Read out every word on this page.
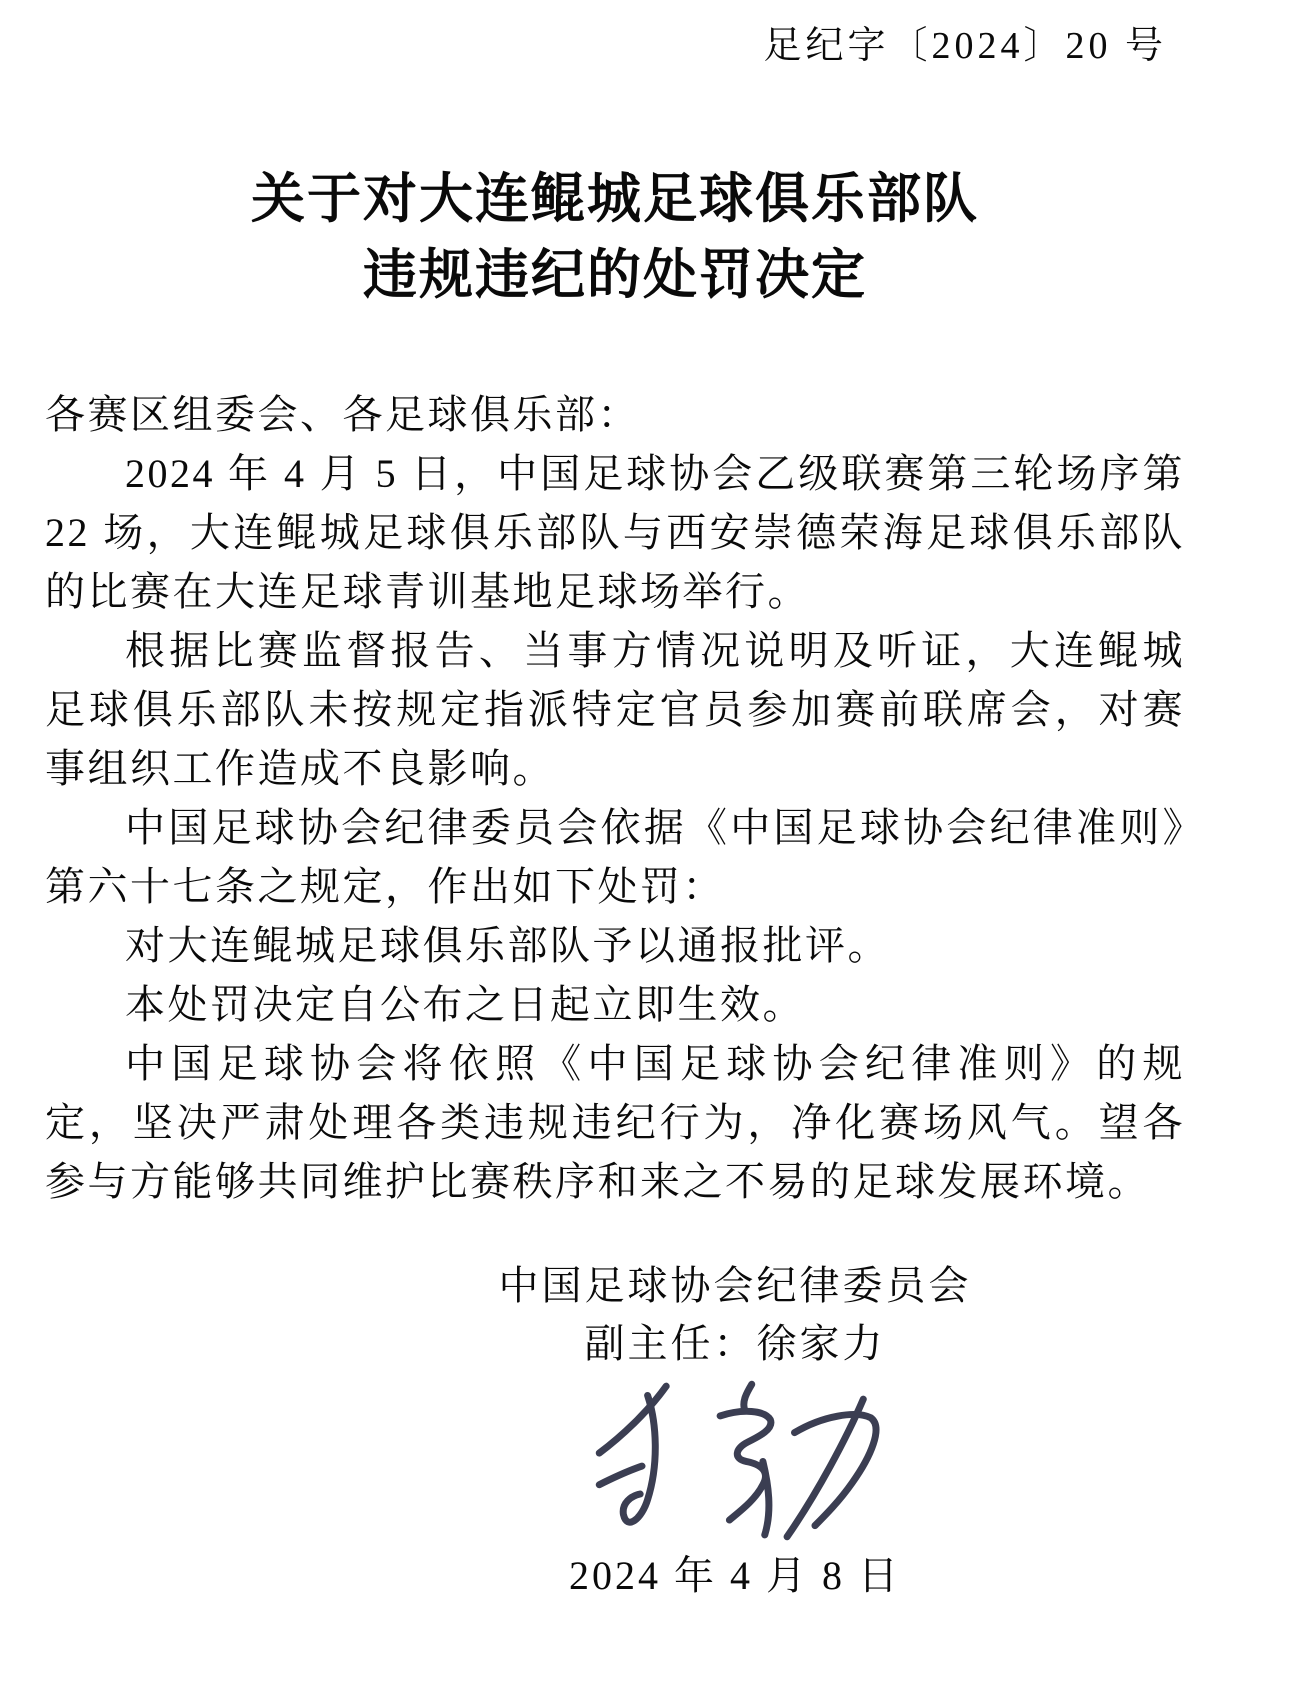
足纪字〔2024〕20 号
关于对大连鲲城足球俱乐部队
违规违纪的处罚决定

各赛区组委会、各足球俱乐部：

2024 年 4 月 5 日，中国足球协会乙级联赛第三轮场序第 22 场，大连鲲城足球俱乐部队与西安崇德荣海足球俱乐部队的比赛在大连足球青训基地足球场举行。

根据比赛监督报告、当事方情况说明及听证，大连鲲城足球俱乐部队未按规定指派特定官员参加赛前联席会，对赛事组织工作造成不良影响。

中国足球协会纪律委员会依据《中国足球协会纪律准则》第六十七条之规定，作出如下处罚：

对大连鲲城足球俱乐部队予以通报批评。

本处罚决定自公布之日起立即生效。

中国足球协会将依照《中国足球协会纪律准则》的规定，坚决严肃处理各类违规违纪行为，净化赛场风气。望各参与方能够共同维护比赛秩序和来之不易的足球发展环境。

中国足球协会纪律委员会
副主任：徐家力
2024 年 4 月 8 日
